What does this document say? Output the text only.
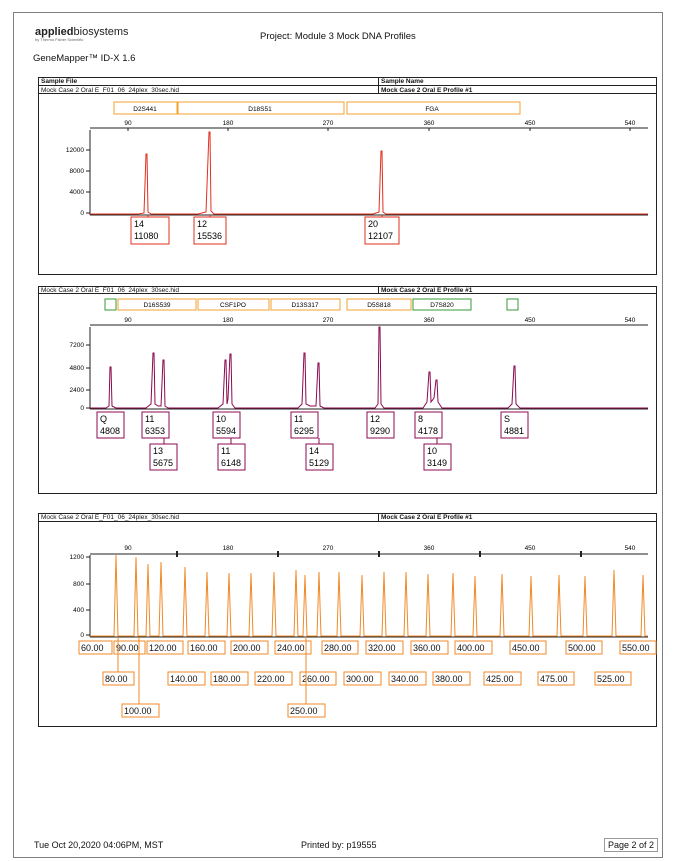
appliedbiosystems
by Thermo Fisher Scientific	Project: Module 3 Mock DNA Profiles
GeneMapper™ ID-X 1.6
Sample File	Sample Name
Mock Case 2 Oral E_F01_06_24plex_30sec.hid	Mock Case 2 Oral E Profile #1
D2S441	D18S51	FGA
90	180	270	360	450	540
12000
8000
4000
0
14
11080
12
15536
20
12107
Mock Case 2 Oral E_F01_06_24plex_30sec.hid	Mock Case 2 Oral E Profile #1
D16S539	CSF1PO	D13S317	D5S818	D7S820
90	180	270	360	450	540
7200
4800
2400
0
Q
4808
11
6353
10
5594
11
6295
12
9290
8
4178
S
4881
13
5675
11
6148
14
5129
10
3149
Mock Case 2 Oral E_F01_06_24plex_30sec.hid	Mock Case 2 Oral E Profile #1
90	180	270	360	450	540
1200
800
400
0
60.00 90.00 120.00 160.00 200.00 240.00 280.00 320.00 360.00 400.00	450.00	500.00	550.00
80.00	140.00 180.00 220.00 260.00 300.00 340.00 380.00	425.00	475.00	525.00
100.00	250.00
Tue Oct 20,2020 04:06PM, MST	Printed by: p19555	Page 2 of 2
